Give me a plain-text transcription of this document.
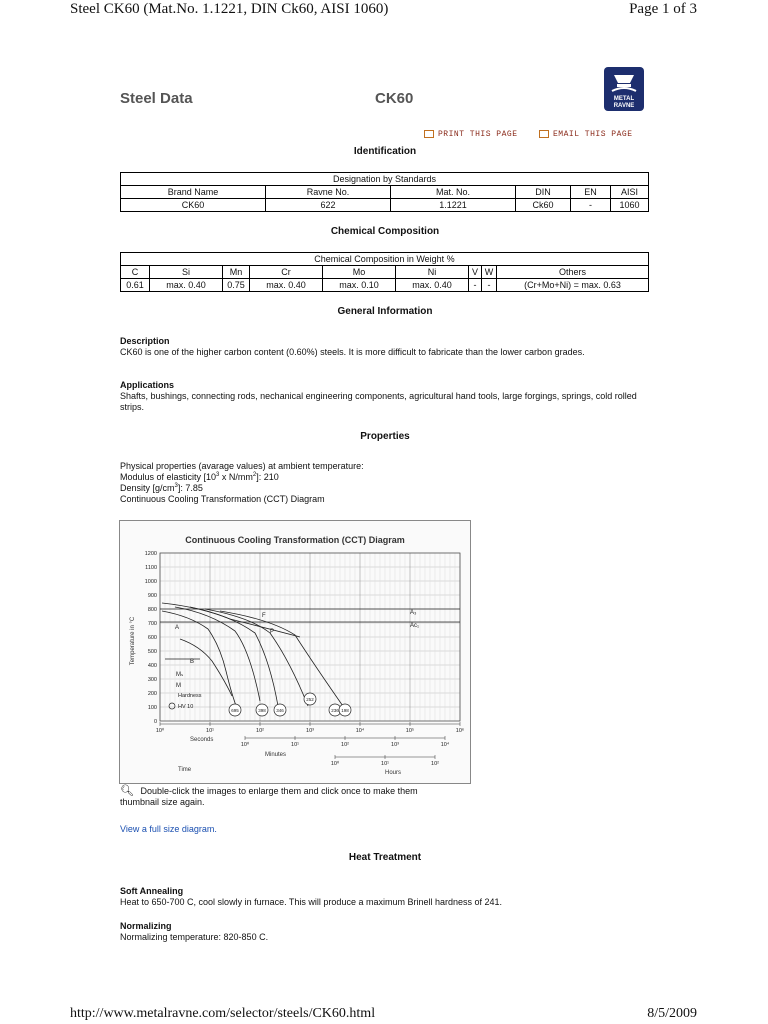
Steel CK60 (Mat.No. 1.1221, DIN Ck60, AISI 1060)	Page 1 of 3
Steel Data	CK60	METAL
RAVNE
PRINT THIS PAGE	EMAIL THIS PAGE
Identification
Designation by Standards					
Brand Name	Ravne No.	Mat. No.	DIN	EN	AISI
CK60	622	1.1221	Ck60	-	1060
Chemical Composition
Chemical Composition in Weight %								
C	Si	Mn	Cr	Mo	Ni	V	W	Others
0.61	max. 0.40	0.75	max. 0.40	max. 0.10	max. 0.40	-	-	(Cr+Mo+Ni) = max. 0.63
General Information
Description
CK60 is one of the higher carbon content (0.60%) steels. It is more difficult to fabricate than the lower carbon grades.
Applications
Shafts, bushings, connecting rods, nechanical engineering components, agricultural hand tools, large forgings, springs, cold rolled strips.
Properties
Physical properties (avarage values) at ambient temperature:
Modulus of elasticity [$10^3$ x $N/mm^2$]: 210
Density $[g/cm^3]$: 7.85
Continuous Cooling Transformation (CCT) Diagram
Continuous Cooling Transformation (CCT) Diagram
1200
1100
1000
900
800
700
600
500
400
300
200
100
0
Temperature in °C
A₃
Ac₁
A
B
F
P
Mₛ
M
Hardness
HV 10
695	398 346
252
236 198
10⁰	10¹	10²	10³	10⁴	10⁵	10⁶
10⁰	10¹	10²	10³	10⁴
10⁰	10¹	10²
Seconds
Minutes
Hours
Time
🔍︎ Double-click the images to enlarge them and click once to make them thumbnail size again.
View a full size diagram.
Heat Treatment
Soft Annealing
Heat to 650-700 C, cool slowly in furnace. This will produce a maximum Brinell hardness of 241.
Normalizing
Normalizing temperature: 820-850 C.
http://www.metalravne.com/selector/steels/CK60.html	8/5/2009
